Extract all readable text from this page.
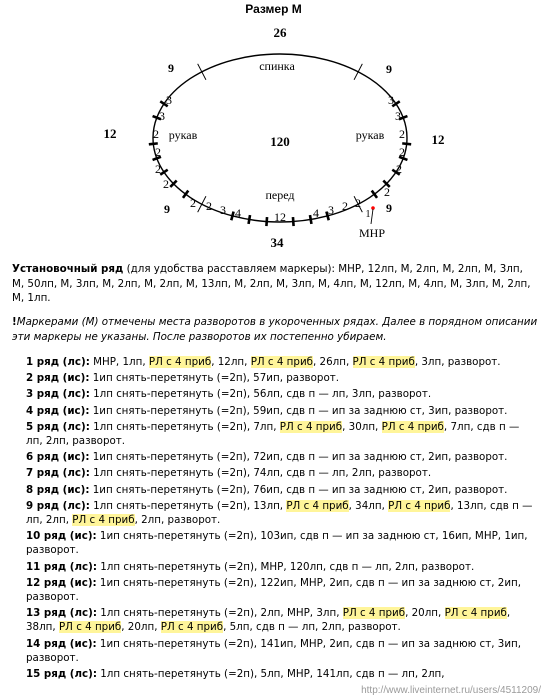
Размер М
26
спинка
120
рукав	рукав
12	12
перед
12
34
9	9
9	9
3
3
2
2
2
2
3
3
2
2
2
2
2 2 3 4	4 3 2 2
1
МНР
Установочный ряд (для удобства расставляем маркеры): МНР, 12лп, М, 2лп, М, 2лп, М, 3лп, М, 50лп, М, 3лп, М, 2лп, М, 2лп, М, 13лп, М, 2лп, М, 3лп, М, 4лп, М, 12лп, М, 4лп, М, 3лп, М, 2лп, М, 1лп.
!Маркерами (М) отмечены места разворотов в укороченных рядах. Далее в порядном описании эти маркеры не указаны. После разворотов их постепенно убираем.
1 ряд (лс): МНР, 1лп, РЛ с 4 приб, 12лп, РЛ с 4 приб, 26лп, РЛ с 4 приб, 3лп, разворот.
2 ряд (ис): 1ип снять-перетянуть (=2п), 57ип, разворот.
3 ряд (лс): 1лп снять-перетянуть (=2п), 56лп, сдв п — лп, 3лп, разворот.
4 ряд (ис): 1ип снять-перетянуть (=2п), 59ип, сдв п — ип за заднюю ст, 3ип, разворот.
5 ряд (лс): 1лп снять-перетянуть (=2п), 7лп, РЛ с 4 приб, 30лп, РЛ с 4 приб, 7лп, сдв п — лп, 2лп, разворот.
6 ряд (ис): 1ип снять-перетянуть (=2п), 72ип, сдв п — ип за заднюю ст, 2ип, разворот.
7 ряд (лс): 1лп снять-перетянуть (=2п), 74лп, сдв п — лп, 2лп, разворот.
8 ряд (ис): 1ип снять-перетянуть (=2п), 76ип, сдв п — ип за заднюю ст, 2ип, разворот.
9 ряд (лс): 1лп снять-перетянуть (=2п), 13лп, РЛ с 4 приб, 34лп, РЛ с 4 приб, 13лп, сдв п — лп, 2лп, РЛ с 4 приб, 2лп, разворот.
10 ряд (ис): 1ип снять-перетянуть (=2п), 103ип, сдв п — ип за заднюю ст, 16ип, МНР, 1ип, разворот.
11 ряд (лс): 1лп снять-перетянуть (=2п), МНР, 120лп, сдв п — лп, 2лп, разворот.
12 ряд (ис): 1ип снять-перетянуть (=2п), 122ип, МНР, 2ип, сдв п — ип за заднюю ст, 2ип, разворот.
13 ряд (лс): 1лп снять-перетянуть (=2п), 2лп, МНР, 3лп, РЛ с 4 приб, 20лп, РЛ с 4 приб, 38лп, РЛ с 4 приб, 20лп, РЛ с 4 приб, 5лп, сдв п — лп, 2лп, разворот.
14 ряд (ис): 1ип снять-перетянуть (=2п), 141ип, МНР, 2ип, сдв п — ип за заднюю ст, 3ип, разворот.
15 ряд (лс): 1лп снять-перетянуть (=2п), 5лп, МНР, 141лп, сдв п — лп, 2лп,
http://www.liveinternet.ru/users/4511209/
